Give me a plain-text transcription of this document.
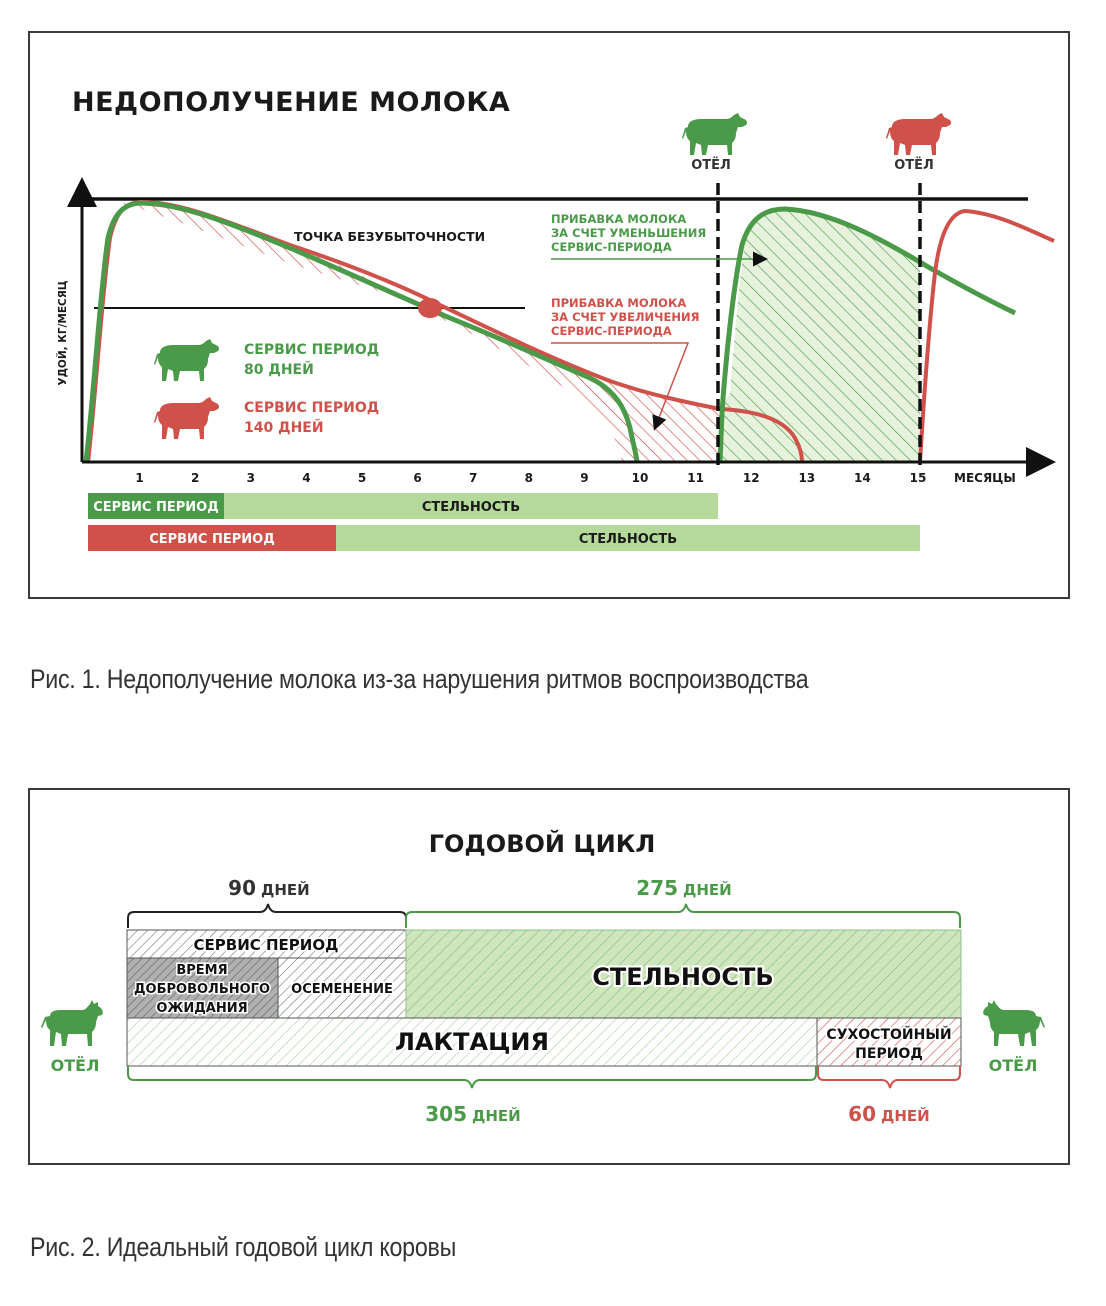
НЕДОПОЛУЧЕНИЕ МОЛОКА
ТОЧКА БЕЗУБЫТОЧНОСТИ
ОТЁЛ	ОТЁЛ
СЕРВИС ПЕРИОД
80 ДНЕЙ
СЕРВИС ПЕРИОД
140 ДНЕЙ
ПРИБАВКА МОЛОКА
ЗА СЧЕТ УМЕНЬШЕНИЯ
СЕРВИС-ПЕРИОДА
ПРИБАВКА МОЛОКА
ЗА СЧЕТ УВЕЛИЧЕНИЯ
СЕРВИС-ПЕРИОДА
УДОЙ, КГ/МЕСЯЦ
МЕСЯЦЫ
1	2	3	4	5	6	7	8	9	10	11	12	13	14	15
СЕРВИС ПЕРИОД	СТЕЛЬНОСТЬ
СЕРВИС ПЕРИОД	СТЕЛЬНОСТЬ
Рис. 1. Недополучение молока из-за нарушения ритмов воспроизводства
ГОДОВОЙ ЦИКЛ
90 ДНЕЙ	275 ДНЕЙ
СЕРВИС ПЕРИОД
ВРЕМЯ
ДОБРОВОЛЬНОГО
ОЖИДАНИЯ
ОСЕМЕНЕНИЕ	СТЕЛЬНОСТЬ
ЛАКТАЦИЯ	СУХОСТОЙНЫЙ
ПЕРИОД
305 ДНЕЙ	60 ДНЕЙ
ОТЁЛ	ОТЁЛ
Рис. 2. Идеальный годовой цикл коровы
